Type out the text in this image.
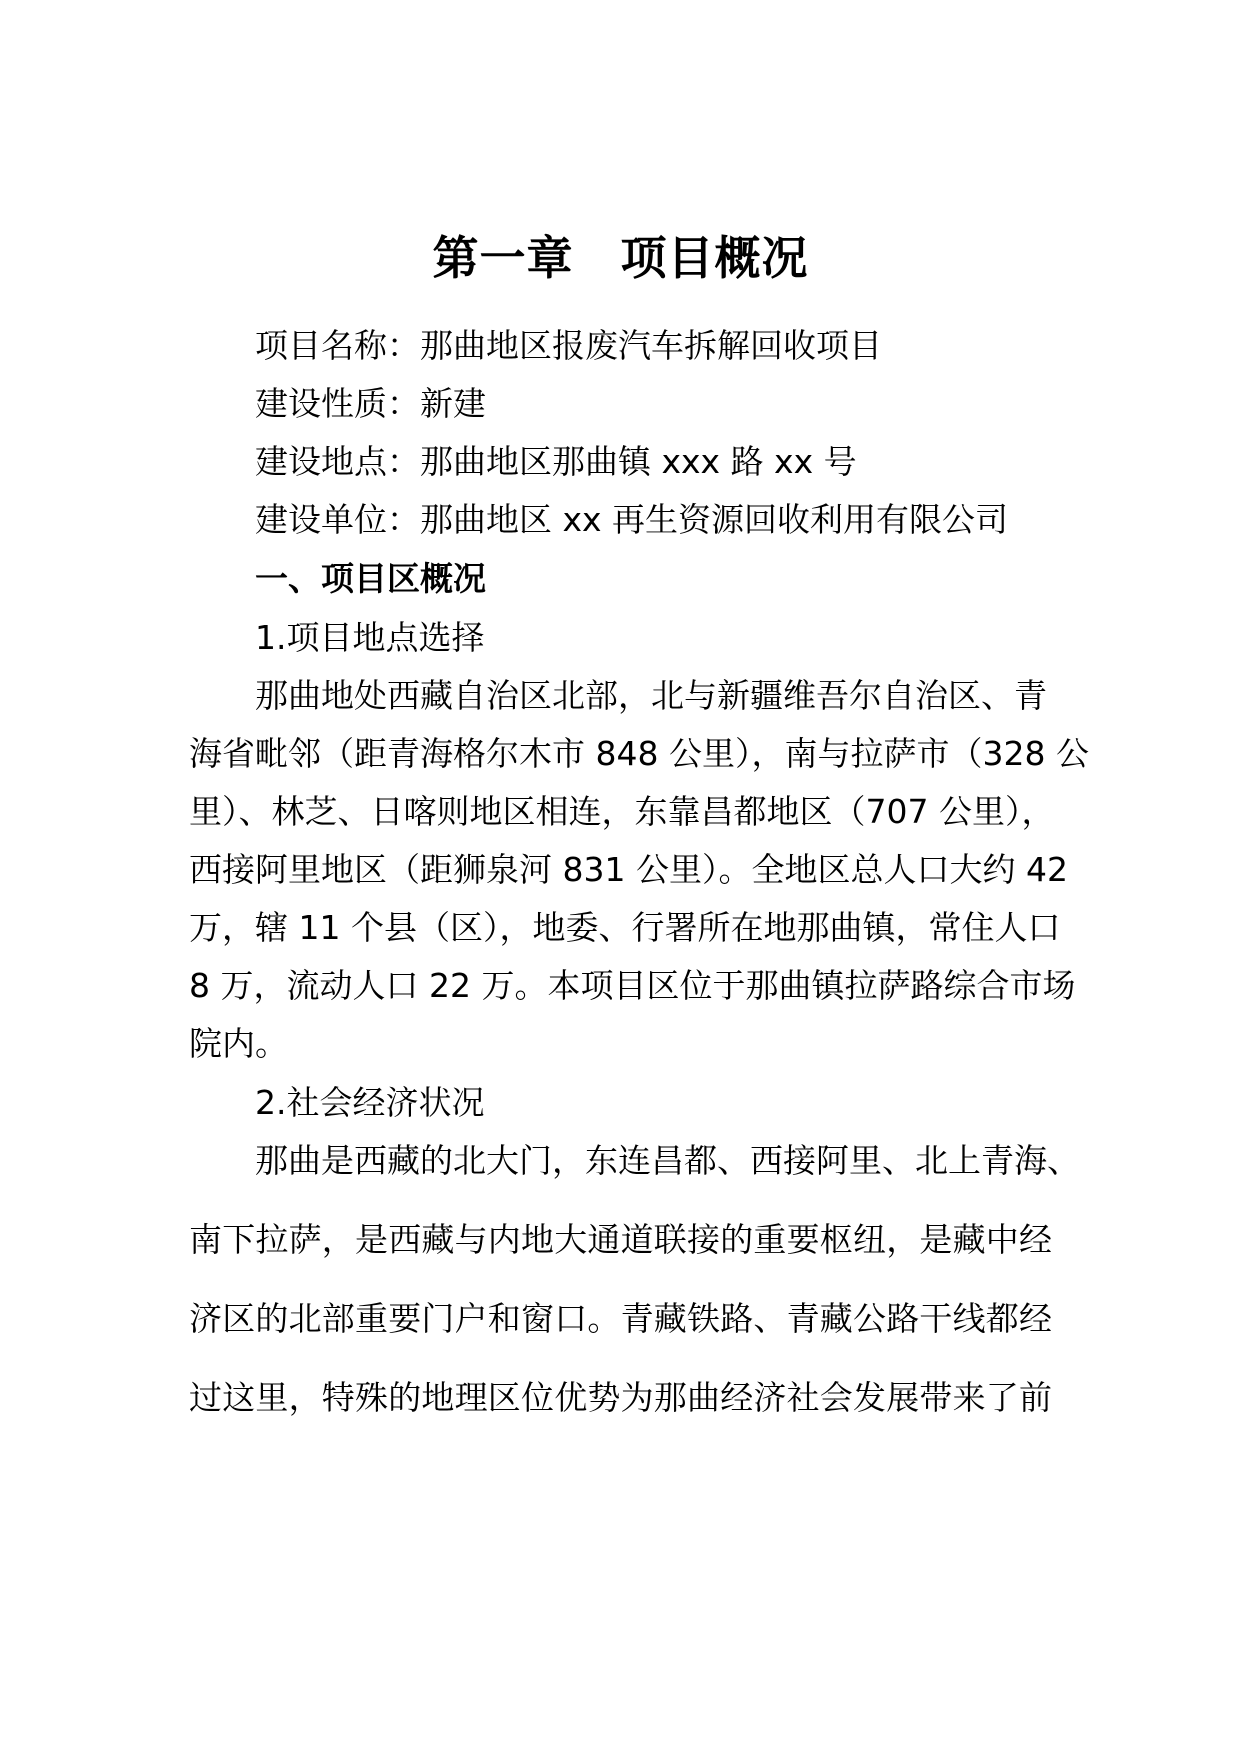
第一章　项目概况
项目名称：那曲地区报废汽车拆解回收项目
建设性质：新建
建设地点：那曲地区那曲镇 xxx 路 xx 号
建设单位：那曲地区 xx 再生资源回收利用有限公司
一、项目区概况
1.项目地点选择
那曲地处西藏自治区北部，北与新疆维吾尔自治区、青
海省毗邻（距青海格尔木市 848 公里），南与拉萨市（328 公
里）、林芝、日喀则地区相连，东靠昌都地区（707 公里），
西接阿里地区（距狮泉河 831 公里）。全地区总人口大约 42
万，辖 11 个县（区），地委、行署所在地那曲镇，常住人口
8 万，流动人口 22 万。本项目区位于那曲镇拉萨路综合市场
院内。
2.社会经济状况
那曲是西藏的北大门，东连昌都、西接阿里、北上青海、
南下拉萨，是西藏与内地大通道联接的重要枢纽，是藏中经
济区的北部重要门户和窗口。青藏铁路、青藏公路干线都经
过这里，特殊的地理区位优势为那曲经济社会发展带来了前
